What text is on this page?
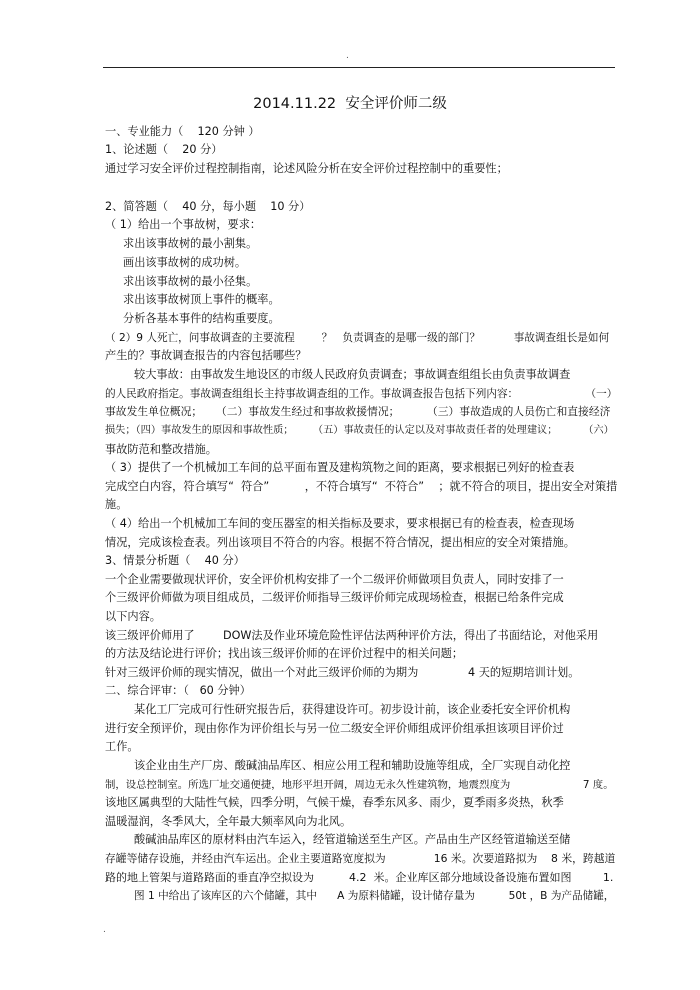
.
2014.11.22  安全评价师二级
一、专业能力（    120 分钟 ）
1、论述题（    20 分）
通过学习安全评价过程控制指南，论述风险分析在安全评价过程控制中的重要性；
2、简答题（    40 分，每小题    10 分）
（ 1）给出一个事故树，要求：
求出该事故树的最小割集。
画出该事故树的成功树。
求出该事故树的最小径集。
求出该事故树顶上事件的概率。
分析各基本事件的结构重要度。
（ 2）9 人死亡，问事故调查的主要流程        ？   负责调查的是哪一级的部门？          事故调查组长是如何
产生的？事故调查报告的内容包括哪些？
较大事故：由事故发生地设区的市级人民政府负责调查；事故调查组组长由负责事故调查
的人民政府指定。事故调查组组长主持事故调查组的工作。事故调查报告包括下列内容：                    （一）
事故发生单位概况；    （二）事故发生经过和事故救援情况；        （三）事故造成的人员伤亡和直接经济
损失；（四）事故发生的原因和事故性质；      （五）事故责任的认定以及对事故责任者的处理建议；        （六）
事故防范和整改措施。
（ 3）提供了一个机械加工车间的总平面布置及建构筑物之间的距离，要求根据已列好的检查表
完成空白内容，符合填写“  符合”          ，不符合填写“  不符合”    ；就不符合的项目，提出安全对策措
施。
（ 4）给出一个机械加工车间的变压器室的相关指标及要求，要求根据已有的检查表，检查现场
情况，完成该检查表。列出该项目不符合的内容。根据不符合情况，提出相应的安全对策措施。
3、情景分析题（    40 分）
一个企业需要做现状评价，安全评价机构安排了一个二级评价师做项目负责人，同时安排了一
个三级评价师做为项目组成员，二级评价师指导三级评价师完成现场检查，根据已给条件完成
以下内容。
该三级评价师用了        DOW法及作业环境危险性评估法两种评价方法，得出了书面结论，对他采用
的方法及结论进行评价；找出该三级评价师的在评价过程中的相关问题；
针对三级评价师的现实情况，做出一个对此三级评价师的为期为              4 天的短期培训计划。
二、综合评审：（   60 分钟）
某化工厂完成可行性研究报告后，获得建设许可。初步设计前，该企业委托安全评价机构
进行安全预评价，现由你作为评价组长与另一位二级安全评价师组成评价组承担该项目评价过
工作。
该企业由生产厂房、酸碱油品库区、相应公用工程和辅助设施等组成，全厂实现自动化控
制，设总控制室。所选厂址交通便捷，地形平坦开阔，周边无永久性建筑物，地震烈度为                      7 度。
该地区属典型的大陆性气候，四季分明，气候干燥，春季东风多、雨少，夏季雨多炎热，秋季
温暖湿润，冬季风大，全年最大频率风向为北风。
酸碱油品库区的原材料由汽车运入，经管道输送至生产区。产品由生产区经管道输送至储
存罐等储存设施，并经由汽车运出。企业主要道路宽度拟为              16 米。次要道路拟为    8 米，跨越道
路的地上管架与道路路面的垂直净空拟设为          4.2  米。企业库区部分地域设备设施布置如图         1.
图 1 中给出了该库区的六个储罐，其中      A 为原料储罐，设计储存量为          50t ，B 为产品储罐，
.
